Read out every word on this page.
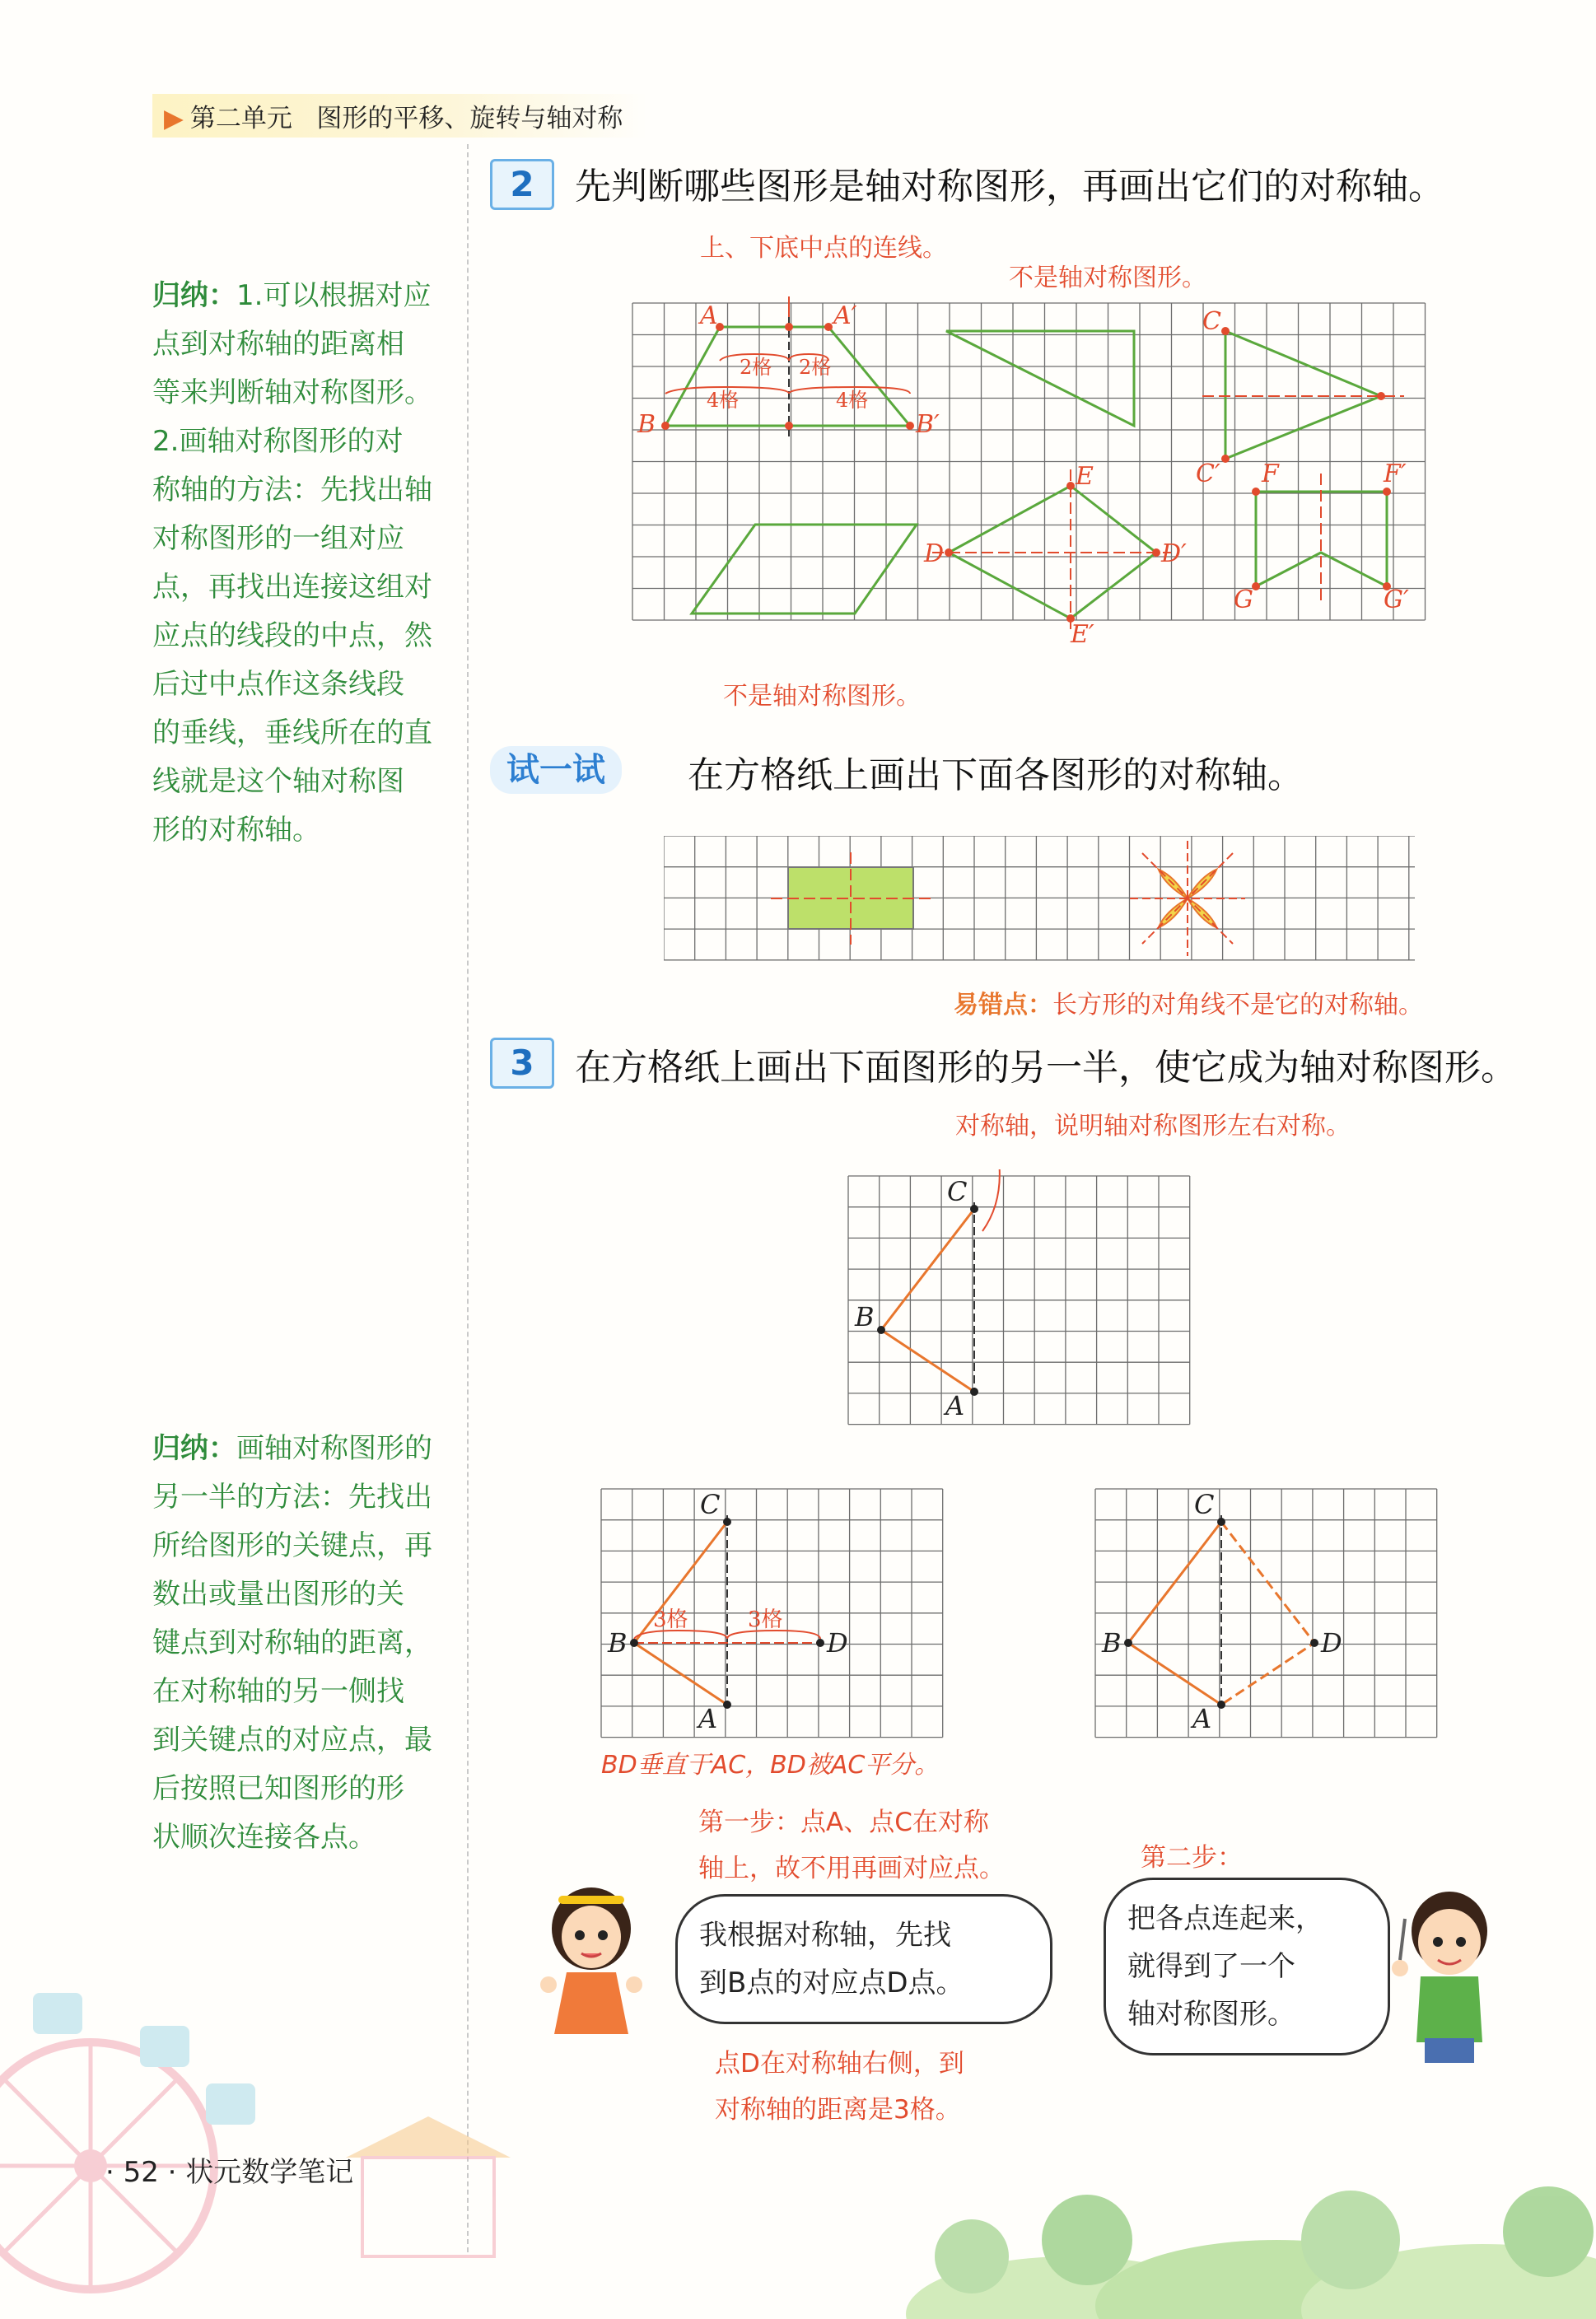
▶ 第二单元 图形的平移、旋转与轴对称
归纳：1.可以根据对应
点到对称轴的距离相
等来判断轴对称图形。
2.画轴对称图形的对
称轴的方法：先找出轴
对称图形的一组对应
点，再找出连接这组对
应点的线段的中点，然
后过中点作这条线段
的垂线，垂线所在的直
线就是这个轴对称图
形的对称轴。
2	先判断哪些图形是轴对称图形，再画出它们的对称轴。
上、下底中点的连线。
不是轴对称图形。
不是轴对称图形。
A	A′
B	B′
C
C′
E
E′
D	D′
F	F′
G	G′
2格 2格
4格	4格
试一试	在方格纸上画出下面各图形的对称轴。
易错点：长方形的对角线不是它的对称轴。
3	在方格纸上画出下面图形的另一半，使它成为轴对称图形。
对称轴，说明轴对称图形左右对称。
C
B
A
归纳：画轴对称图形的
另一半的方法：先找出
所给图形的关键点，再
数出或量出图形的关
键点到对称轴的距离，
在对称轴的另一侧找
到关键点的对应点，最
后按照已知图形的形
状顺次连接各点。
C
B
A
D
3格	3格
C
B
A
D
BD垂直于AC，BD被AC平分。
第一步：点A、点C在对称
轴上，故不用再画对应点。	第二步：
我根据对称轴，先找
到B点的对应点D点。
点D在对称轴右侧，到
对称轴的距离是3格。
把各点连起来，
就得到了一个
轴对称图形。
· 52 · 状元数学笔记
